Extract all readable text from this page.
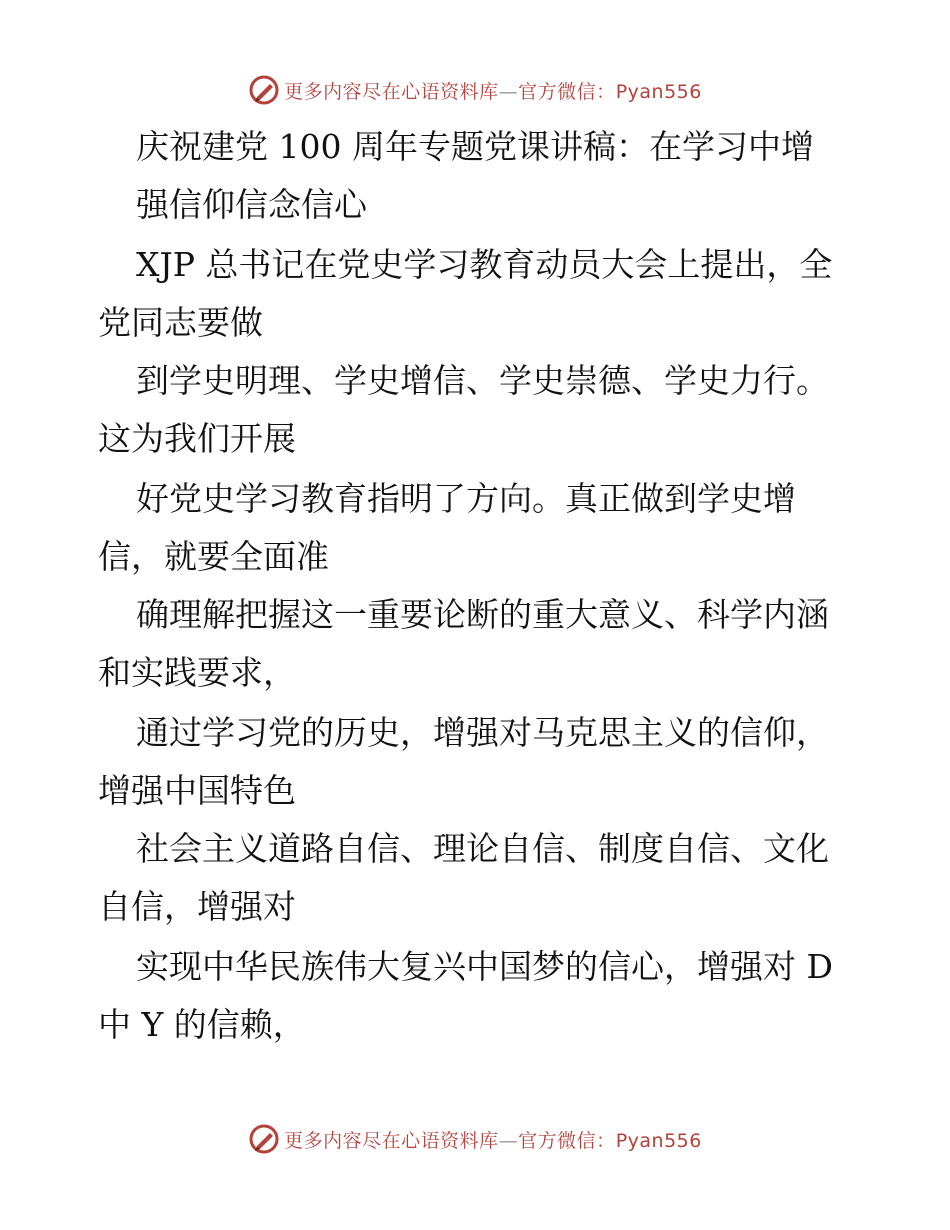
更多内容尽在心语资料库—官方微信：Pyan556
庆祝建党 100 周年专题党课讲稿：在学习中增
强信仰信念信心
XJP 总书记在党史学习教育动员大会上提出，全
党同志要做
到学史明理、学史增信、学史崇德、学史力行。
这为我们开展
好党史学习教育指明了方向。真正做到学史增
信，就要全面准
确理解把握这一重要论断的重大意义、科学内涵
和实践要求，
通过学习党的历史，增强对马克思主义的信仰，
增强中国特色
社会主义道路自信、理论自信、制度自信、文化
自信，增强对
实现中华民族伟大复兴中国梦的信心，增强对 D
中 Y 的信赖，
更多内容尽在心语资料库—官方微信：Pyan556
